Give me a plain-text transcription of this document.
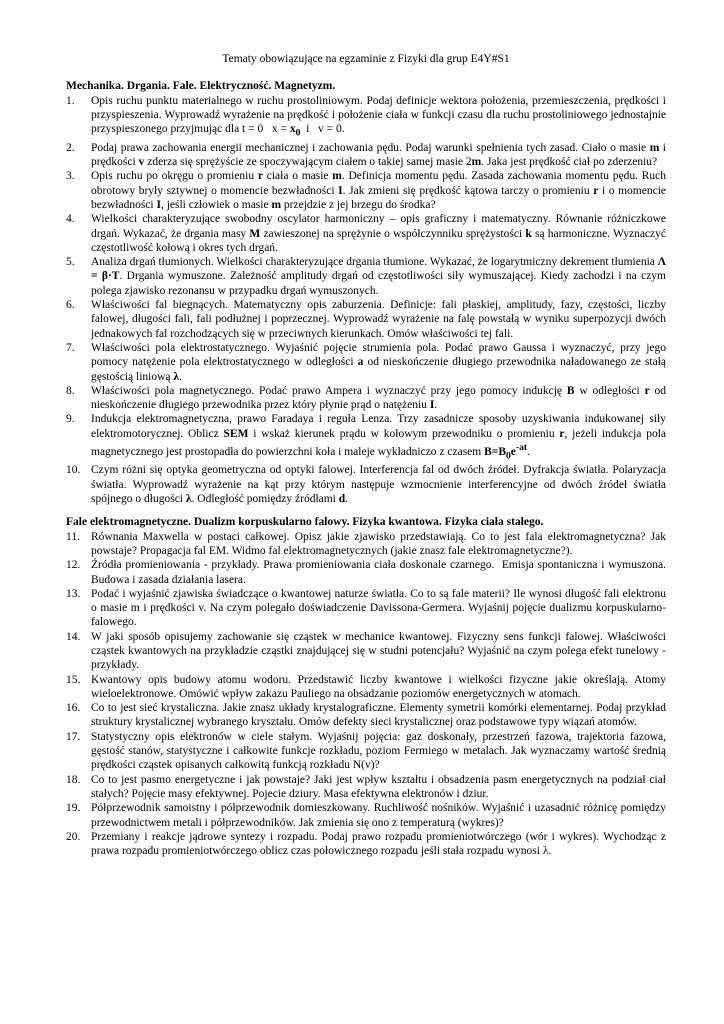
Tematy obowiązujące na egzaminie z Fizyki dla grup E4Y#S1
Mechanika. Drgania. Fale. Elektryczność. Magnetyzm.
1.	Opis ruchu punktu materialnego w ruchu prostoliniowym. Podaj definicje wektora położenia, przemieszczenia, prędkości i przyspieszenia. Wyprowadź wyrażenie na prędkość i położenie ciała w funkcji czasu dla ruchu prostoliniowego jednostajnie przyspieszonego przyjmując dla t = 0   $x = x_0$  i   v = 0.
2.	Podaj prawa zachowania energii mechanicznej i zachowania pędu. Podaj warunki spełnienia tych zasad. Ciało o masie m i prędkości v zderza się sprężyście ze spoczywającym ciałem o takiej samej masie 2m. Jaka jest prędkość ciał po zderzeniu?
3.	Opis ruchu po okręgu o promieniu r ciała o masie m. Definicja momentu pędu. Zasada zachowania momentu pędu. Ruch obrotowy bryły sztywnej o momencie bezwładności I. Jak zmieni się prędkość kątowa tarczy o promieniu r i o momencie bezwładności I, jeśli człowiek o masie m przejdzie z jej brzegu do środka?
4.	Wielkości charakteryzujące swobodny oscylator harmoniczny – opis graficzny i matematyczny. Równanie różniczkowe drgań. Wykazać, że drgania masy M zawieszonej na sprężynie o współczynniku sprężystości k są harmoniczne. Wyznaczyć częstotliwość kołową i okres tych drgań.
5.	Analiza drgań tłumionych. Wielkości charakteryzujące drgania tłumione. Wykazać, że logarytmiczny dekrement tłumienia Λ = β·T. Drgania wymuszone. Zależność amplitudy drgań od częstotliwości siły wymuszającej. Kiedy zachodzi i na czym polega zjawisko rezonansu w przypadku drgań wymuszonych.
6.	Właściwości fal biegnących. Matematyczny opis zaburzenia. Definicje: fali płaskiej, amplitudy, fazy, częstości, liczby falowej, długości fali, fali podłużnej i poprzecznej. Wyprowadź wyrażenie na falę powstałą w wyniku superpozycji dwóch jednakowych fal rozchodzących się w przeciwnych kierunkach. Omów właściwości tej fali.
7.	Właściwości pola elektrostatycznego. Wyjaśnić pojęcie strumienia pola. Podać prawo Gaussa i wyznaczyć, przy jego pomocy natężenie pola elektrostatycznego w odległości a od nieskończenie długiego przewodnika naładowanego ze stałą gęstością liniową λ.
8.	Właściwości pola magnetycznego. Podać prawo Ampera i wyznaczyć przy jego pomocy indukcję B w odległości r od nieskończenie długiego przewodnika przez który płynie prąd o natężeniu I.
9.	Indukcja elektromagnetyczna, prawo Faradaya i reguła Lenza. Trzy zasadnicze sposoby uzyskiwania indukowanej siły elektromotorycznej. Oblicz SEM i wskaż kierunek prądu w kołowym przewodniku o promieniu r, jeżeli indukcja pola magnetycznego jest prostopadła do powierzchni koła i maleje wykładniczo z czasem $B=B_0e^{-at}$.
10. Czym różni się optyka geometryczna od optyki falowej. Interferencja fal od dwóch źródeł. Dyfrakcja światła. Polaryzacja światła. Wyprowadź wyrażenie na kąt przy którym następuje wzmocnienie interferencyjne od dwóch źródeł światła spójnego o długości λ. Odległość pomiędzy źródłami d.
Fale elektromagnetyczne. Dualizm korpuskularno falowy. Fizyka kwantowa. Fizyka ciała stałego.
11. Równania Maxwella w postaci całkowej. Opisz jakie zjawisko przedstawiają. Co to jest fala elektromagnetyczna? Jak powstaje? Propagacja fal EM. Widmo fal elektromagnetycznych (jakie znasz fale elektromagnetyczne?).
12. Źródła promieniowania - przykłady. Prawa promieniowania ciała doskonale czarnego.  Emisja spontaniczna i wymuszona. Budowa i zasada działania lasera.
13. Podać i wyjaśnić zjawiska świadczące o kwantowej naturze światła. Co to są fale materii? Ile wynosi długość fali elektronu o masie m i prędkości v. Na czym polegało doświadczenie Davissona-Germera. Wyjaśnij pojęcie dualizmu korpuskularno-falowego.
14. W jaki sposób opisujemy zachowanie się cząstek w mechanice kwantowej. Fizyczny sens funkcji falowej. Właściwości cząstek kwantowych na przykładzie cząstki znajdującej się w studni potencjału? Wyjaśnić na czym polega efekt tunelowy - przykłady.
15. Kwantowy opis budowy atomu wodoru. Przedstawić liczby kwantowe i wielkości fizyczne jakie określają. Atomy wieloelektronowe. Omówić wpływ zakazu Pauliego na obsadzanie poziomów energetycznych w atomach.
16. Co to jest sieć krystaliczna. Jakie znasz układy krystalograficzne. Elementy symetrii komórki elementarnej. Podaj przykład struktury krystalicznej wybranego kryształu. Omów defekty sieci krystalicznej oraz podstawowe typy wiązań atomów.
17. Statystyczny opis elektronów w ciele stałym. Wyjaśnij pojęcia: gaz doskonały, przestrzeń fazowa, trajektoria fazowa, gęstość stanów, statystyczne i całkowite funkcje rozkładu, poziom Fermiego w metalach. Jak wyznaczamy wartość średnią prędkości cząstek opisanych całkowitą funkcją rozkładu N(v)?
18. Co to jest pasmo energetyczne i jak powstaje? Jaki jest wpływ kształtu i obsadzenia pasm energetycznych na podział ciał stałych? Pojęcie masy efektywnej. Pojecie dziury. Masa efektywna elektronów i dziur.
19. Półprzewodnik samoistny i półprzewodnik domieszkowany. Ruchliwość nośników. Wyjaśnić i uzasadnić różnicę pomiędzy przewodnictwem metali i półprzewodników. Jak zmienia się ono z temperaturą (wykres)?
20. Przemiany i reakcje jądrowe syntezy i rozpadu. Podaj prawo rozpadu promieniotwórczego (wór i wykres). Wychodząc z prawa rozpadu promieniotwórczego oblicz czas połowicznego rozpadu jeśli stała rozpadu wynosi λ.
